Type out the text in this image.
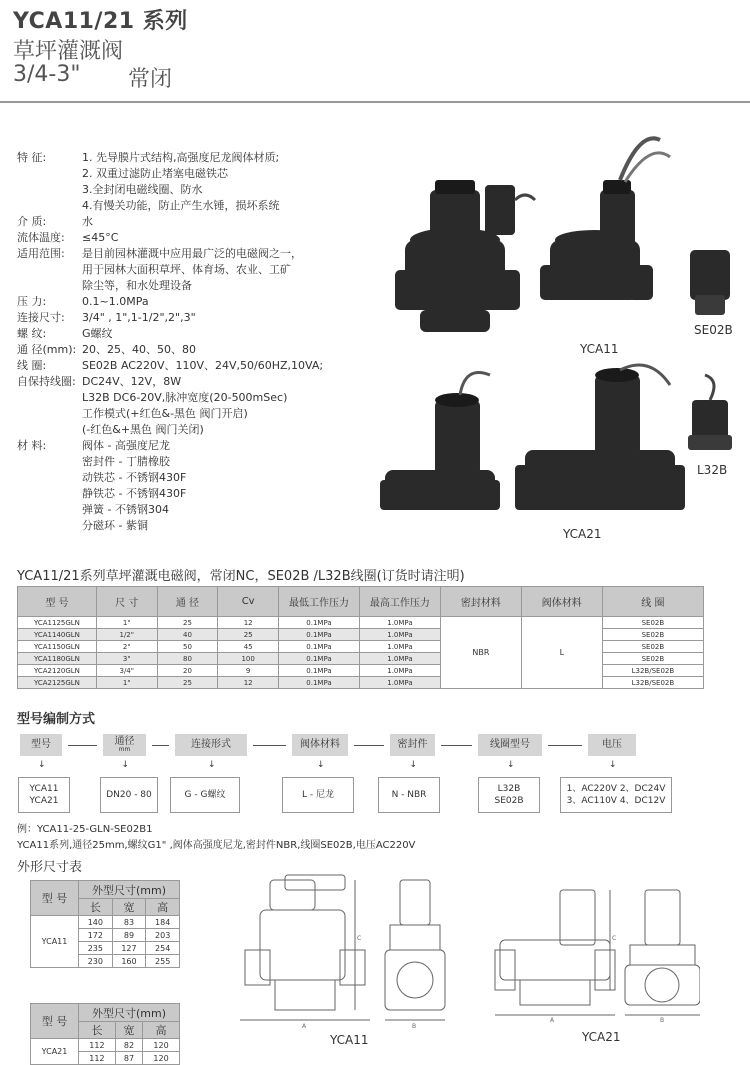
YCA11/21 系列
草坪灌溉阀
3/4-3" 常闭
特 征:	1. 先导膜片式结构,高强度尼龙阀体材质;
2. 双重过滤防止堵塞电磁铁芯
3.全封闭电磁线圈、防水
4.有慢关功能，防止产生水锤，损坏系统
介 质:	水
流体温度:	≤45°C
适用范围:	是目前园林灌溉中应用最广泛的电磁阀之一，
用于园林大面积草坪、体育场、农业、工矿
除尘等，和水处理设备
压 力:	0.1~1.0MPa
连接尺寸:	3/4" , 1",1-1/2",2",3"
螺 纹:	G螺纹
通 径(mm): 20、25、40、50、80
线 圈:	SE02B AC220V、110V、24V,50/60HZ,10VA;
自保持线圈: DC24V、12V，8W
L32B DC6-20V,脉冲宽度(20-500mSec)
工作模式(+红色&-黑色 阀门开启)
(-红色&+黑色 阀门关闭)
材 料:	阀体 - 高强度尼龙
密封件 - 丁腈橡胶
动铁芯 - 不锈钢430F
静铁芯 - 不锈钢430F
弹簧 - 不锈钢304
分磁环 - 紫铜
YCA11
SE02B
L32B
YCA21
YCA11/21系列草坪灌溉电磁阀，常闭NC，SE02B /L32B线圈(订货时请注明)
型 号	尺 寸	通 径	Cv	最低工作压力	最高工作压力	密封材料	阀体材料	线 圈
YCA1125GLN	1"	25	12	0.1MPa	1.0MPa	NBR	L	SE02B
YCA1140GLN	1/2"	40	25	0.1MPa	1.0MPa			SE02B
YCA1150GLN	2"	50	45	0.1MPa	1.0MPa			SE02B
YCA1180GLN	3"	80	100	0.1MPa	1.0MPa			SE02B
YCA2120GLN	3/4"	20	9	0.1MPa	1.0MPa			L32B/SE02B
YCA2125GLN	1"	25	12	0.1MPa	1.0MPa			L32B/SE02B
型号编制方式
型号
↓
通径
mm
↓
连接形式
↓
阀体材料
↓
密封件
↓
线圈型号
↓
电压
↓
YCA11
YCA21
DN20 - 80	G - G螺纹	L - 尼龙	N - NBR
L32B
SE02B
1、AC220V 2、DC24V
3、AC110V 4、DC12V
例：YCA11-25-GLN-SE02B1
YCA11系列,通径25mm,螺纹G1" ,阀体高强度尼龙,密封件NBR,线圈SE02B,电压AC220V
外形尺寸表
型 号	外型尺寸(mm)		
	长	宽	高
YCA11	140	83	184
	172	89	203
	235	127	254
	230	160	255
型 号	外型尺寸(mm)		
	长	宽	高
YCA21	112	82	120
	112	87	120
A	B
C
A	B
C
YCA11	YCA21
